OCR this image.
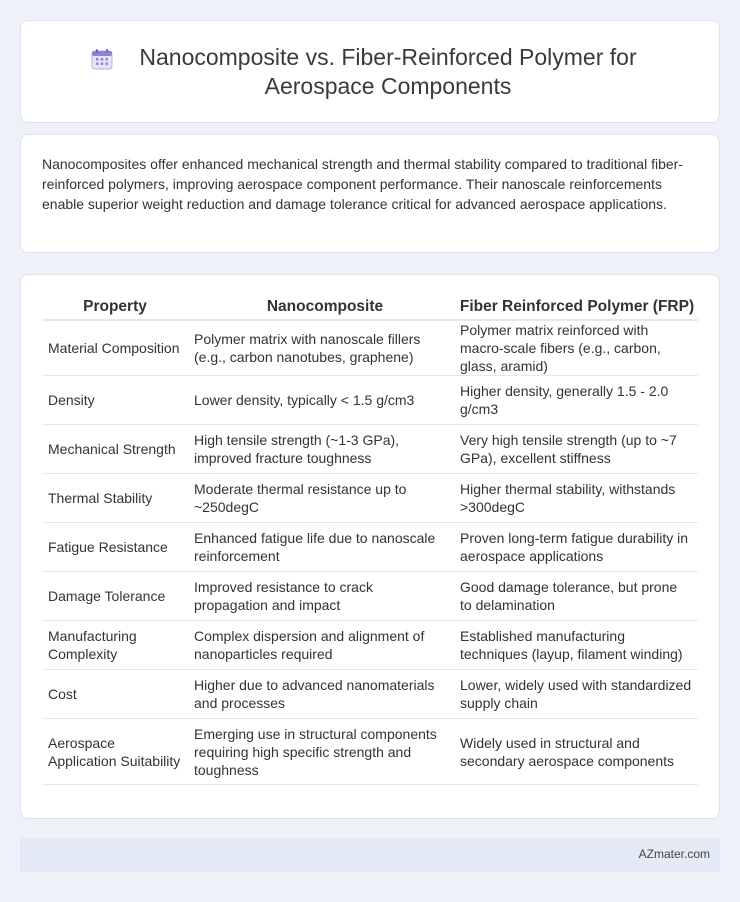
Nanocomposite vs. Fiber-Reinforced Polymer for Aerospace Components

Nanocomposites offer enhanced mechanical strength and thermal stability compared to traditional fiber-reinforced polymers, improving aerospace component performance. Their nanoscale reinforcements enable superior weight reduction and damage tolerance critical for advanced aerospace applications.

Property	Nanocomposite	Fiber Reinforced Polymer (FRP)
Material Composition	Polymer matrix with nanoscale fillers (e.g., carbon nanotubes, graphene)	Polymer matrix reinforced with macro-scale fibers (e.g., carbon, glass, aramid)
Density	Lower density, typically < 1.5 g/cm3	Higher density, generally 1.5 - 2.0 g/cm3
Mechanical Strength	High tensile strength (~1-3 GPa), improved fracture toughness	Very high tensile strength (up to ~7 GPa), excellent stiffness
Thermal Stability	Moderate thermal resistance up to ~250degC	Higher thermal stability, withstands >300degC
Fatigue Resistance	Enhanced fatigue life due to nanoscale reinforcement	Proven long-term fatigue durability in aerospace applications
Damage Tolerance	Improved resistance to crack propagation and impact	Good damage tolerance, but prone to delamination
Manufacturing Complexity	Complex dispersion and alignment of nanoparticles required	Established manufacturing techniques (layup, filament winding)
Cost	Higher due to advanced nanomaterials and processes	Lower, widely used with standardized supply chain
Aerospace Application Suitability	Emerging use in structural components requiring high specific strength and toughness	Widely used in structural and secondary aerospace components
AZmater.com
